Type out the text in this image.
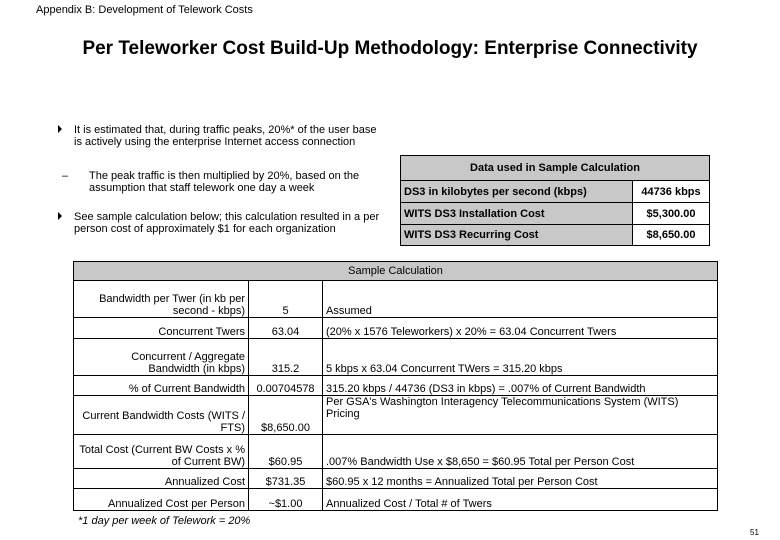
Appendix B: Development of Telework Costs
Per Teleworker Cost Build-Up Methodology: Enterprise Connectivity
It is estimated that, during traffic peaks, 20%* of the user base is actively using the enterprise Internet access connection
– The peak traffic is then multiplied by 20%, based on the assumption that staff telework one day a week
See sample calculation below; this calculation resulted in a per person cost of approximately $1 for each organization
Data used in Sample Calculation	
DS3 in kilobytes per second (kbps)	44736 kbps
WITS DS3 Installation Cost	$5,300.00
WITS DS3 Recurring Cost	$8,650.00
Sample Calculation		
Bandwidth per Twer (in kb per second - kbps)	5	Assumed
Concurrent Twers	63.04	(20% x 1576 Teleworkers) x 20% = 63.04 Concurrent Twers
Concurrent / Aggregate Bandwidth (in kbps)	315.2	5 kbps x 63.04 Concurrent TWers = 315.20 kbps
% of Current Bandwidth	0.00704578	315.20 kbps / 44736 (DS3 in kbps) = .007% of Current Bandwidth
Current Bandwidth Costs (WITS / FTS)	$8,650.00	Per GSA's Washington Interagency Telecommunications System (WITS) Pricing
Total Cost (Current BW Costs x % of Current BW)	$60.95	.007% Bandwidth Use x $8,650 = $60.95 Total per Person Cost
Annualized Cost	$731.35	$60.95 x 12 months = Annualized Total per Person Cost
Annualized Cost per Person	~$1.00	Annualized Cost / Total # of Twers
*1 day per week of Telework = 20%
51
